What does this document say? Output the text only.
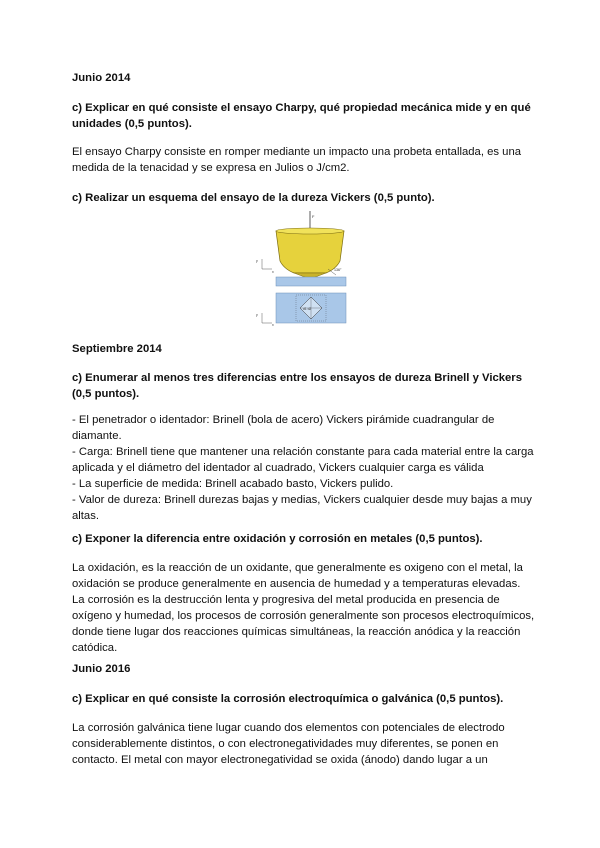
Junio 2014
c) Explicar en qué consiste el ensayo Charpy, qué propiedad mecánica mide y en qué unidades (0,5 puntos).
El ensayo Charpy consiste en romper mediante un impacto una probeta entallada, es una medida de la tenacidad y se expresa en Julios o J/cm2.
c) Realizar un esquema del ensayo de la dureza Vickers (0,5 punto).
F
136°
y
x
d1 d2
y
x
Septiembre 2014
c) Enumerar al menos tres diferencias entre los ensayos de dureza Brinell y Vickers (0,5 puntos).

- El penetrador o identador: Brinell (bola de acero) Vickers pirámide cuadrangular de diamante.

- Carga: Brinell tiene que mantener una relación constante para cada material entre la carga aplicada y el diámetro del identador al cuadrado, Vickers cualquier carga es válida

- La superficie de medida: Brinell acabado basto, Vickers pulido.

- Valor de dureza: Brinell durezas bajas y medias, Vickers cualquier desde muy bajas a muy altas.

c) Exponer la diferencia entre oxidación y corrosión en metales (0,5 puntos).

La oxidación, es la reacción de un oxidante, que generalmente es oxigeno con el metal, la oxidación se produce generalmente en ausencia de humedad y a temperaturas elevadas.

La corrosión es la destrucción lenta y progresiva del metal producida en presencia de oxígeno y humedad, los procesos de corrosión generalmente son procesos electroquímicos, donde tiene lugar dos reacciones químicas simultáneas, la reacción anódica y la reacción catódica.

Junio 2016
c) Explicar en qué consiste la corrosión electroquímica o galvánica (0,5 puntos).
La corrosión galvánica tiene lugar cuando dos elementos con potenciales de electrodo considerablemente distintos, o con electronegatividades muy diferentes, se ponen en contacto. El metal con mayor electronegatividad se oxida (ánodo) dando lugar a un
